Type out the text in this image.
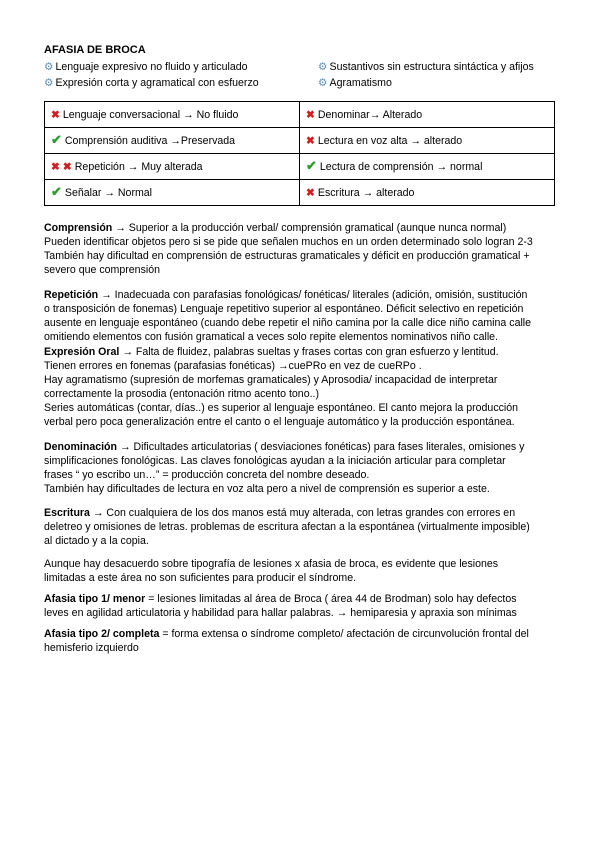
AFASIA DE BROCA
⚙ Lenguaje expresivo no fluido y articulado
⚙ Expresión corta y agramatical con esfuerzo
⚙ Sustantivos sin estructura sintáctica y afijos
⚙ Agramatismo
✖ Lenguaje conversacional → No fluido	✖ Denominar→ Alterado
✔ Comprensión auditiva →Preservada	✖ Lectura en voz alta → alterado
✖ ✖ Repetición → Muy alterada	✔ Lectura de comprensión → normal
✔ Señalar → Normal	✖ Escritura → alterado
Comprensión → Superior a la producción verbal/ comprensión gramatical (aunque nunca normal)
Pueden identificar objetos pero si se pide que señalen muchos en un orden determinado solo logran 2-3
También hay dificultad en comprensión de estructuras gramaticales y déficit en producción gramatical +
severo que comprensión
Repetición → Inadecuada con parafasias fonológicas/ fonéticas/ literales (adición, omisión, sustitución
o transposición de fonemas) Lenguaje repetitivo superior al espontáneo. Déficit selectivo en repetición
ausente en lenguaje espontáneo (cuando debe repetir el niño camina por la calle dice niño camina calle
omitiendo elementos con fusión gramatical a veces solo repite elementos nominativos niño calle.
Expresión Oral → Falta de fluidez, palabras sueltas y frases cortas con gran esfuerzo y lentitud.
Tienen errores en fonemas (parafasias fonéticas) →cuePRo en vez de cueRPo .
Hay agramatismo (supresión de morfemas gramaticales) y Aprosodia/ incapacidad de interpretar
correctamente la prosodia (entonación ritmo acento tono..)
Series automáticas (contar, días..) es superior al lenguaje espontáneo. El canto mejora la producción
verbal pero poca generalización entre el canto o el lenguaje automático y la producción espontánea.
Denominación → Dificultades articulatorias ( desviaciones fonéticas) para fases literales, omisiones y
simplificaciones fonológicas. Las claves fonológicas ayudan a la iniciación articular para completar
frases “ yo escribo un…” = producción concreta del nombre deseado.
También hay dificultades de lectura en voz alta pero a nivel de comprensión es superior a este.
Escritura → Con cualquiera de los dos manos está muy alterada, con letras grandes con errores en
deletreo y omisiones de letras. problemas de escritura afectan a la espontánea (virtualmente imposible)
al dictado y a la copia.
Aunque hay desacuerdo sobre tipografía de lesiones x afasia de broca, es evidente que lesiones
limitadas a este área no son suficientes para producir el síndrome.
Afasia tipo 1/ menor = lesiones limitadas al área de Broca ( área 44 de Brodman) solo hay defectos
leves en agilidad articulatoria y habilidad para hallar palabras. → hemiparesia y apraxia son mínimas
Afasia tipo 2/ completa = forma extensa o síndrome completo/ afectación de circunvolución frontal del
hemisferio izquierdo
